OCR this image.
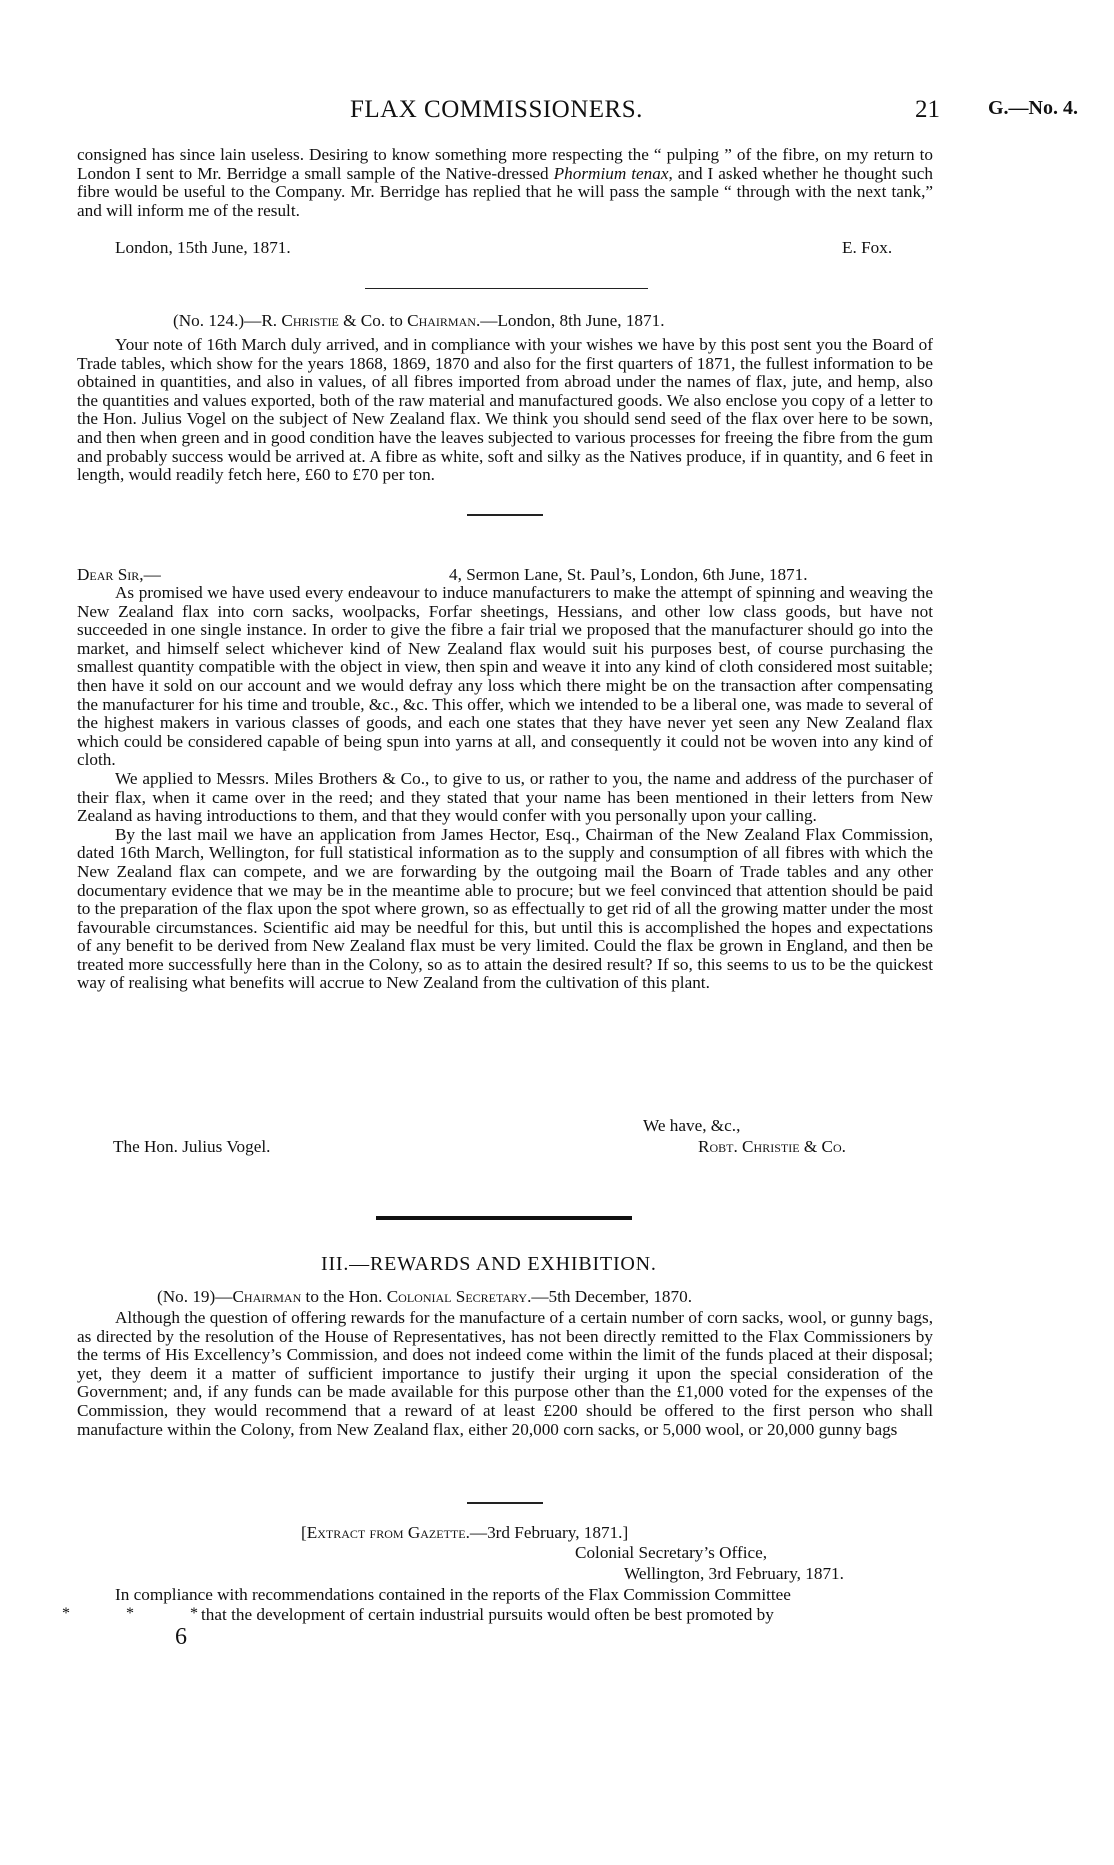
FLAX COMMISSIONERS.	21 G.—No. 4.

consigned has since lain useless. Desiring to know something more respecting the “ pulping ” of the fibre, on my return to London I sent to Mr. Berridge a small sample of the Native-dressed Phormium tenax, and I asked whether he thought such fibre would be useful to the Company. Mr. Berridge has replied that he will pass the sample “ through with the next tank,” and will inform me of the result.

London, 15th June, 1871.	E. Fox.
(No. 124.)—R. Christie & Co. to Chairman.—London, 8th June, 1871.

Your note of 16th March duly arrived, and in compliance with your wishes we have by this post sent you the Board of Trade tables, which show for the years 1868, 1869, 1870 and also for the first quarters of 1871, the fullest information to be obtained in quantities, and also in values, of all fibres imported from abroad under the names of flax, jute, and hemp, also the quantities and values exported, both of the raw material and manufactured goods. We also enclose you copy of a letter to the Hon. Julius Vogel on the subject of New Zealand flax. We think you should send seed of the flax over here to be sown, and then when green and in good condition have the leaves subjected to various processes for freeing the fibre from the gum and probably success would be arrived at. A fibre as white, soft and silky as the Natives produce, if in quantity, and 6 feet in length, would readily fetch here, £60 to £70 per ton.

Dear Sir,—	4, Sermon Lane, St. Paul’s, London, 6th June, 1871.

As promised we have used every endeavour to induce manufacturers to make the attempt of spinning and weaving the New Zealand flax into corn sacks, woolpacks, Forfar sheetings, Hessians, and other low class goods, but have not succeeded in one single instance. In order to give the fibre a fair trial we proposed that the manufacturer should go into the market, and himself select whichever kind of New Zealand flax would suit his purposes best, of course purchasing the smallest quantity compatible with the object in view, then spin and weave it into any kind of cloth considered most suitable; then have it sold on our account and we would defray any loss which there might be on the transaction after compensating the manufacturer for his time and trouble, &c., &c. This offer, which we intended to be a liberal one, was made to several of the highest makers in various classes of goods, and each one states that they have never yet seen any New Zealand flax which could be considered capable of being spun into yarns at all, and consequently it could not be woven into any kind of cloth.

We applied to Messrs. Miles Brothers & Co., to give to us, or rather to you, the name and address of the purchaser of their flax, when it came over in the reed; and they stated that your name has been mentioned in their letters from New Zealand as having introductions to them, and that they would confer with you personally upon your calling.

By the last mail we have an application from James Hector, Esq., Chairman of the New Zealand Flax Commission, dated 16th March, Wellington, for full statistical information as to the supply and consumption of all fibres with which the New Zealand flax can compete, and we are forwarding by the outgoing mail the Boarn of Trade tables and any other documentary evidence that we may be in the meantime able to procure; but we feel convinced that attention should be paid to the preparation of the flax upon the spot where grown, so as effectually to get rid of all the growing matter under the most favourable circumstances. Scientific aid may be needful for this, but until this is accomplished the hopes and expectations of any benefit to be derived from New Zealand flax must be very limited. Could the flax be grown in England, and then be treated more successfully here than in the Colony, so as to attain the desired result? If so, this seems to us to be the quickest way of realising what benefits will accrue to New Zealand from the cultivation of this plant.

We have, &c.,
The Hon. Julius Vogel.	Robt. Christie & Co.
III.—REWARDS AND EXHIBITION.
(No. 19)—Chairman to the Hon. Colonial Secretary.—5th December, 1870.

Although the question of offering rewards for the manufacture of a certain number of corn sacks, wool, or gunny bags, as directed by the resolution of the House of Representatives, has not been directly remitted to the Flax Commissioners by the terms of His Excellency’s Commission, and does not indeed come within the limit of the funds placed at their disposal; yet, they deem it a matter of sufficient importance to justify their urging it upon the special consideration of the Government; and, if any funds can be made available for this purpose other than the £1,000 voted for the expenses of the Commission, they would recommend that a reward of at least £200 should be offered to the first person who shall manufacture within the Colony, from New Zealand flax, either 20,000 corn sacks, or 5,000 wool, or 20,000 gunny bags

[Extract from Gazette.—3rd February, 1871.]
Colonial Secretary’s Office,
Wellington, 3rd February, 1871.
In compliance with recommendations contained in the reports of the Flax Commission Committee
* * *
that the development of certain industrial pursuits would often be best promoted by
6
